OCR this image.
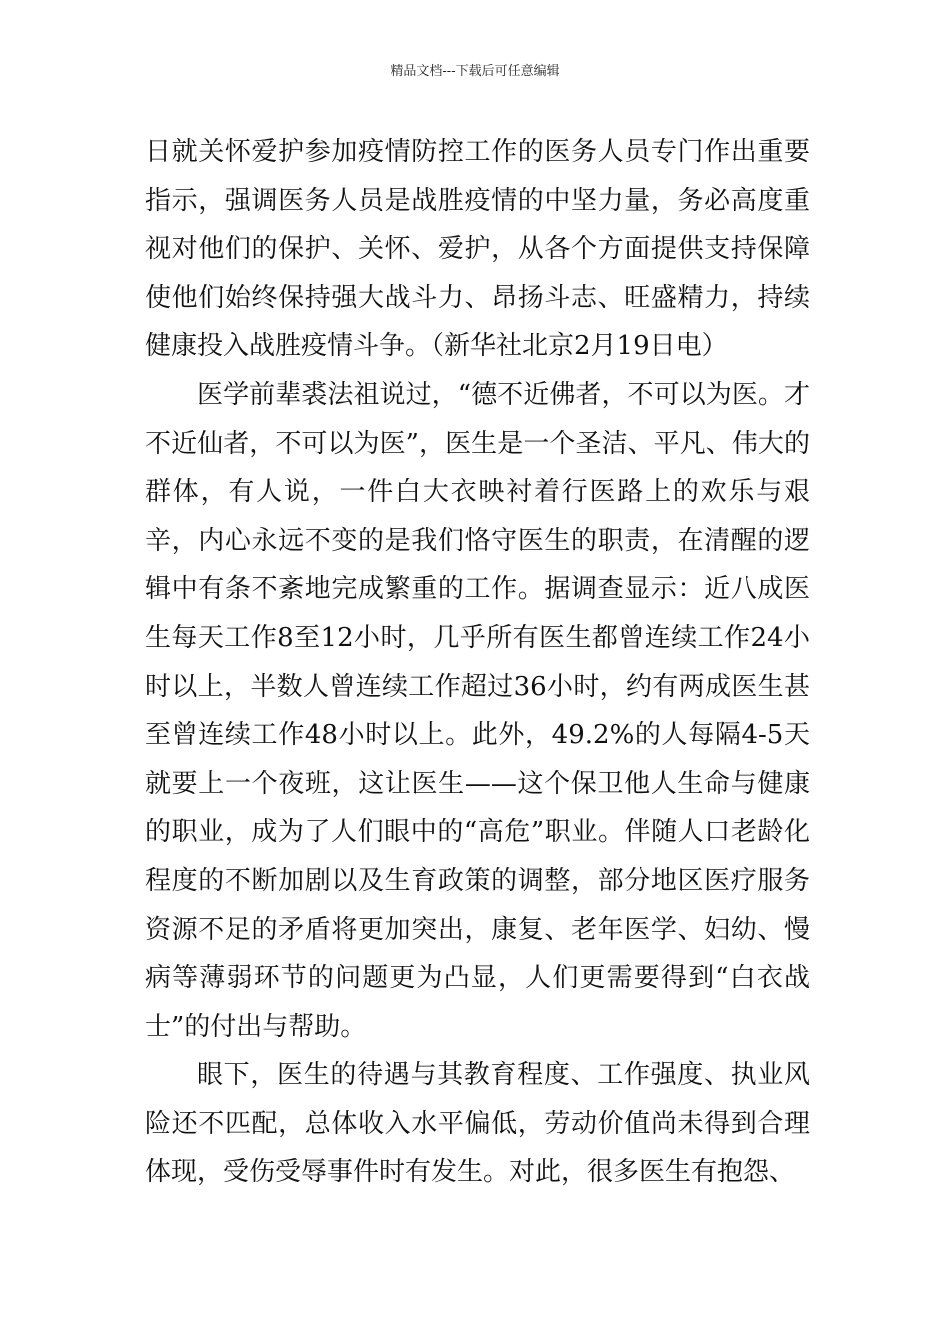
精品文档---下载后可任意编辑

日就关怀爱护参加疫情防控工作的医务人员专门作出重要指示，强调医务人员是战胜疫情的中坚力量，务必高度重视对他们的保护、关怀、爱护，从各个方面提供支持保障使他们始终保持强大战斗力、昂扬斗志、旺盛精力，持续健康投入战胜疫情斗争。（新华社北京2月19日电）

医学前辈裘法祖说过，“德不近佛者，不可以为医。才不近仙者，不可以为医”，医生是一个圣洁、平凡、伟大的群体，有人说，一件白大衣映衬着行医路上的欢乐与艰辛，内心永远不变的是我们恪守医生的职责，在清醒的逻辑中有条不紊地完成繁重的工作。据调查显示：近八成医生每天工作8至12小时，几乎所有医生都曾连续工作24小时以上，半数人曾连续工作超过36小时，约有两成医生甚至曾连续工作48小时以上。此外，49.2%的人每隔4-5天就要上一个夜班，这让医生——这个保卫他人生命与健康的职业，成为了人们眼中的“高危”职业。伴随人口老龄化程度的不断加剧以及生育政策的调整，部分地区医疗服务资源不足的矛盾将更加突出，康复、老年医学、妇幼、慢病等薄弱环节的问题更为凸显，人们更需要得到“白衣战士”的付出与帮助。

眼下，医生的待遇与其教育程度、工作强度、执业风险还不匹配，总体收入水平偏低，劳动价值尚未得到合理体现，受伤受辱事件时有发生。对此，很多医生有抱怨、
